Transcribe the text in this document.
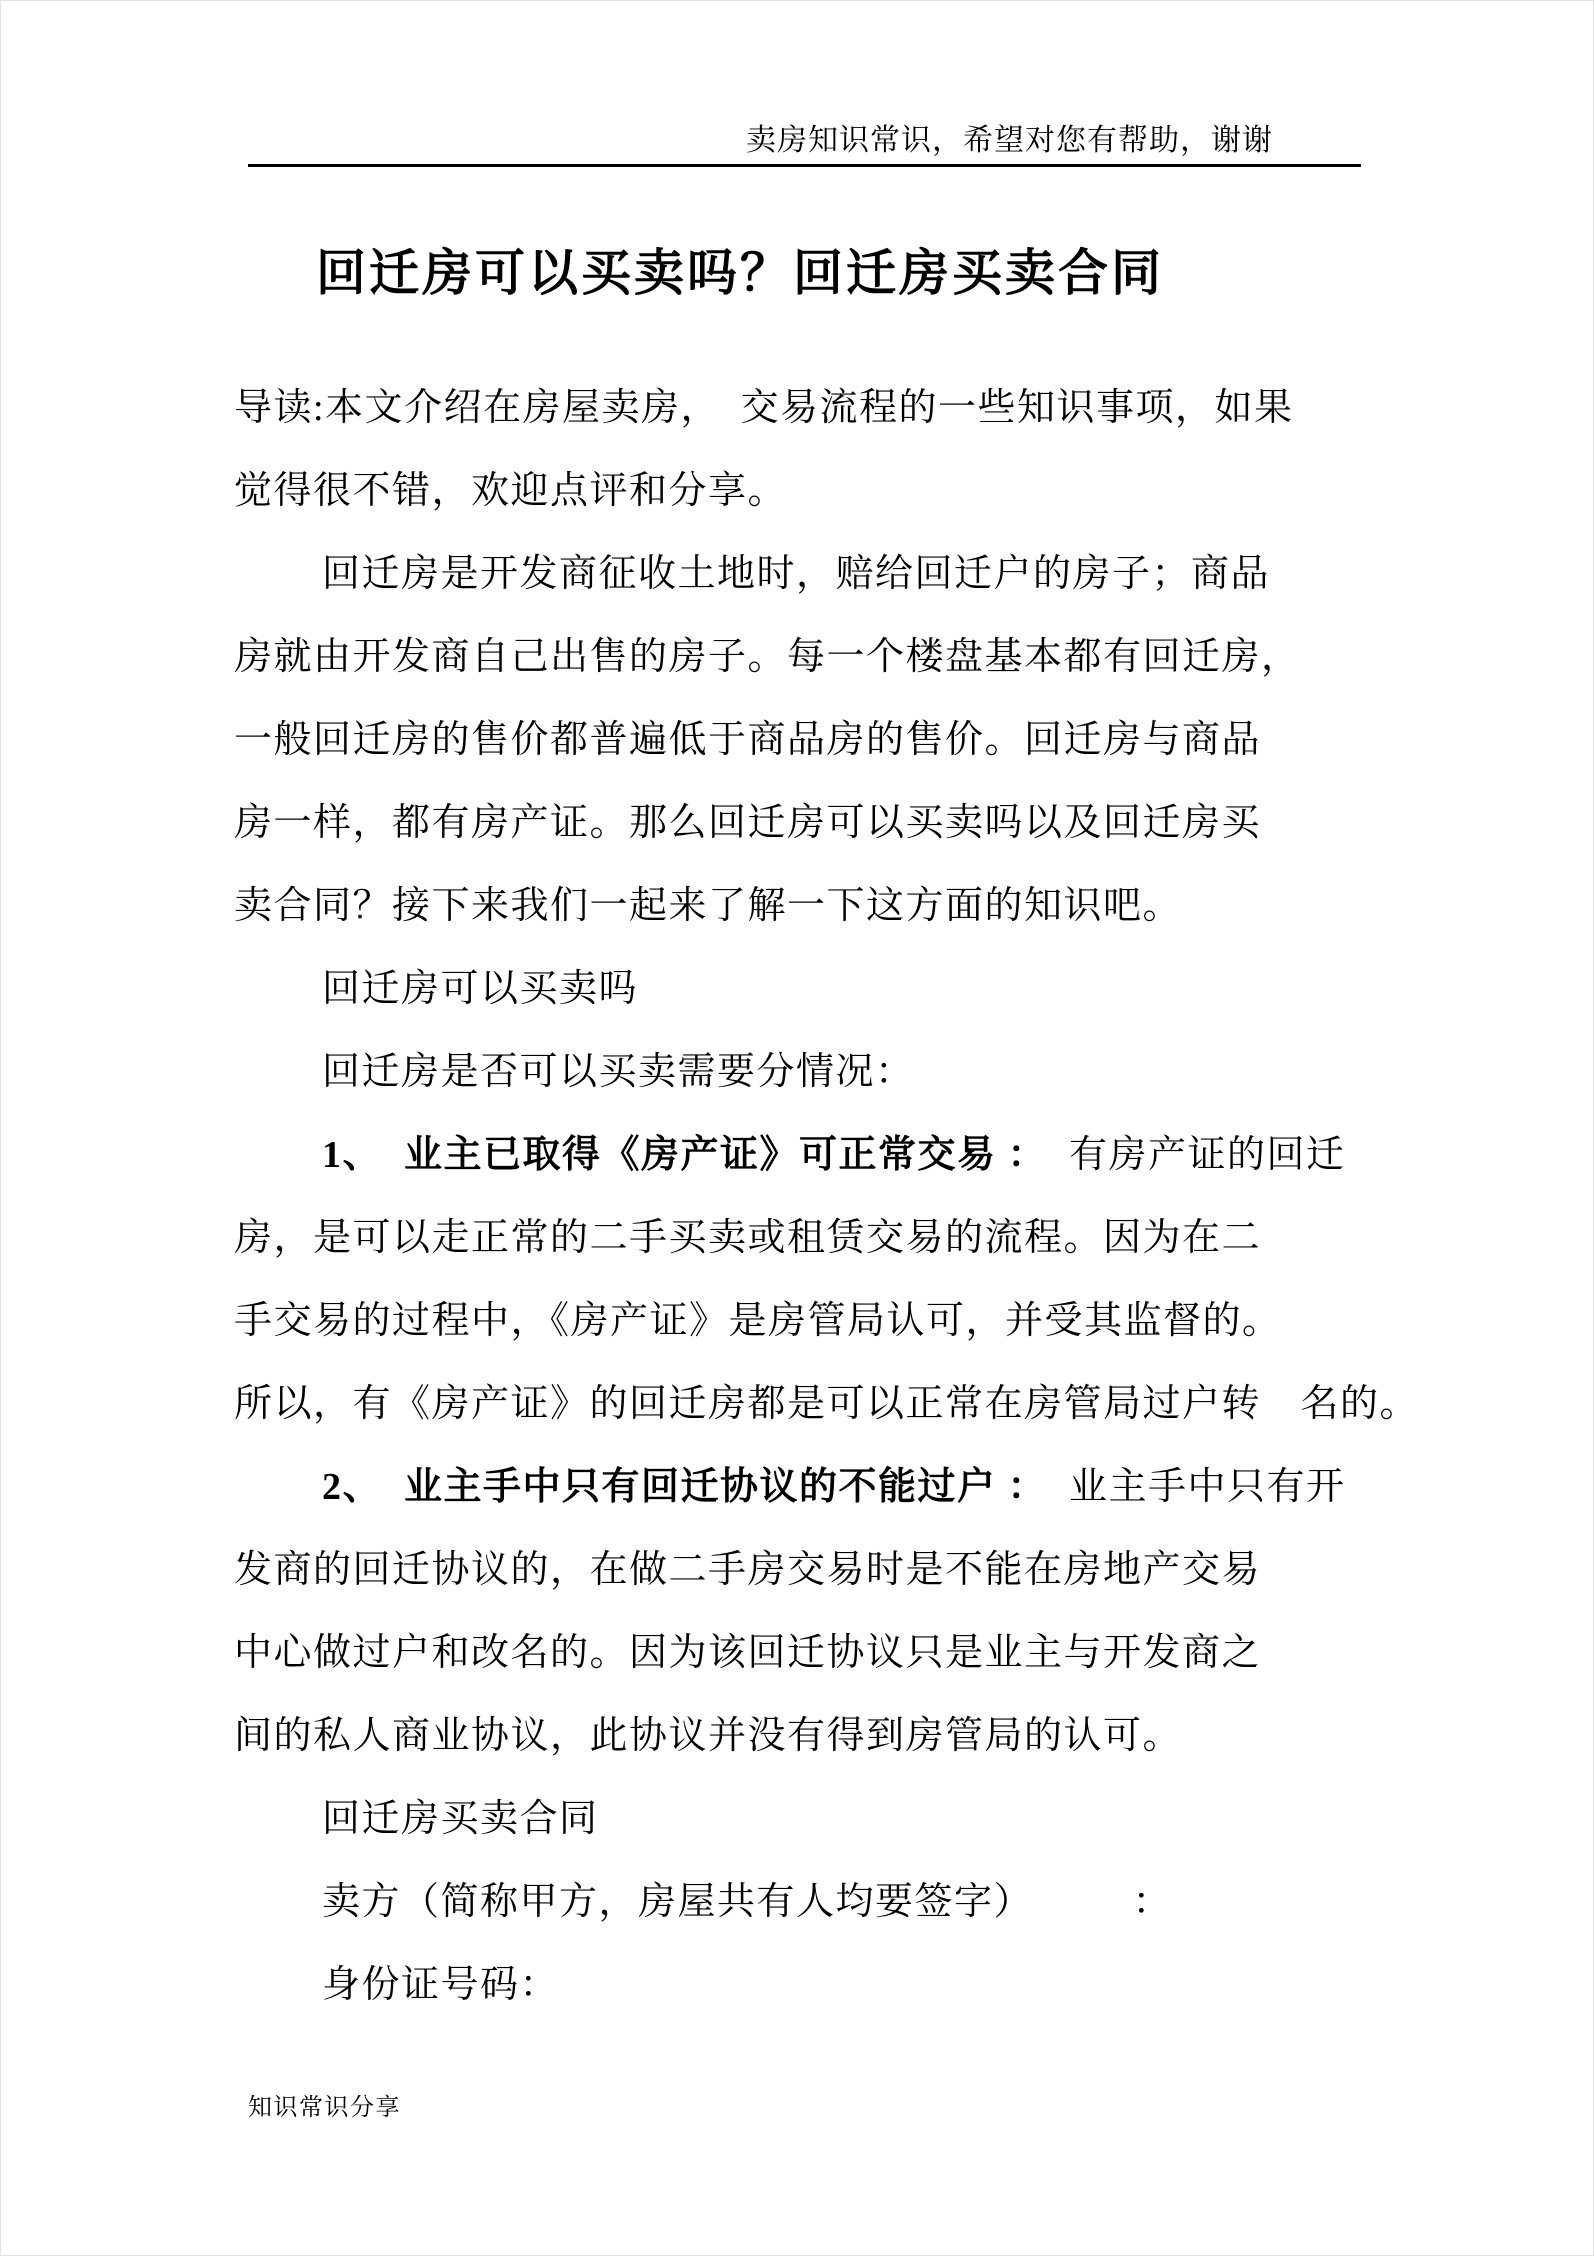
卖房知识常识，希望对您有帮助，谢谢
回迁房可以买卖吗？回迁房买卖合同
导读:本文介绍在房屋卖房，　交易流程的一些知识事项，如果
觉得很不错，欢迎点评和分享。
回迁房是开发商征收土地时，赔给回迁户的房子；商品
房就由开发商自己出售的房子。每一个楼盘基本都有回迁房，
一般回迁房的售价都普遍低于商品房的售价。回迁房与商品
房一样，都有房产证。那么回迁房可以买卖吗以及回迁房买
卖合同？接下来我们一起来了解一下这方面的知识吧。
回迁房可以买卖吗
回迁房是否可以买卖需要分情况：
1、  业主已取得《房产证》可正常交易 ：  有房产证的回迁
房，是可以走正常的二手买卖或租赁交易的流程。因为在二
手交易的过程中，《房产证》是房管局认可，并受其监督的。
所以，有《房产证》的回迁房都是可以正常在房管局过户转　名的。
2、  业主手中只有回迁协议的不能过户 ：  业主手中只有开
发商的回迁协议的，在做二手房交易时是不能在房地产交易
中心做过户和改名的。因为该回迁协议只是业主与开发商之
间的私人商业协议，此协议并没有得到房管局的认可。
回迁房买卖合同
卖方（简称甲方，房屋共有人均要签字）　　　：
身份证号码：
知识常识分享
